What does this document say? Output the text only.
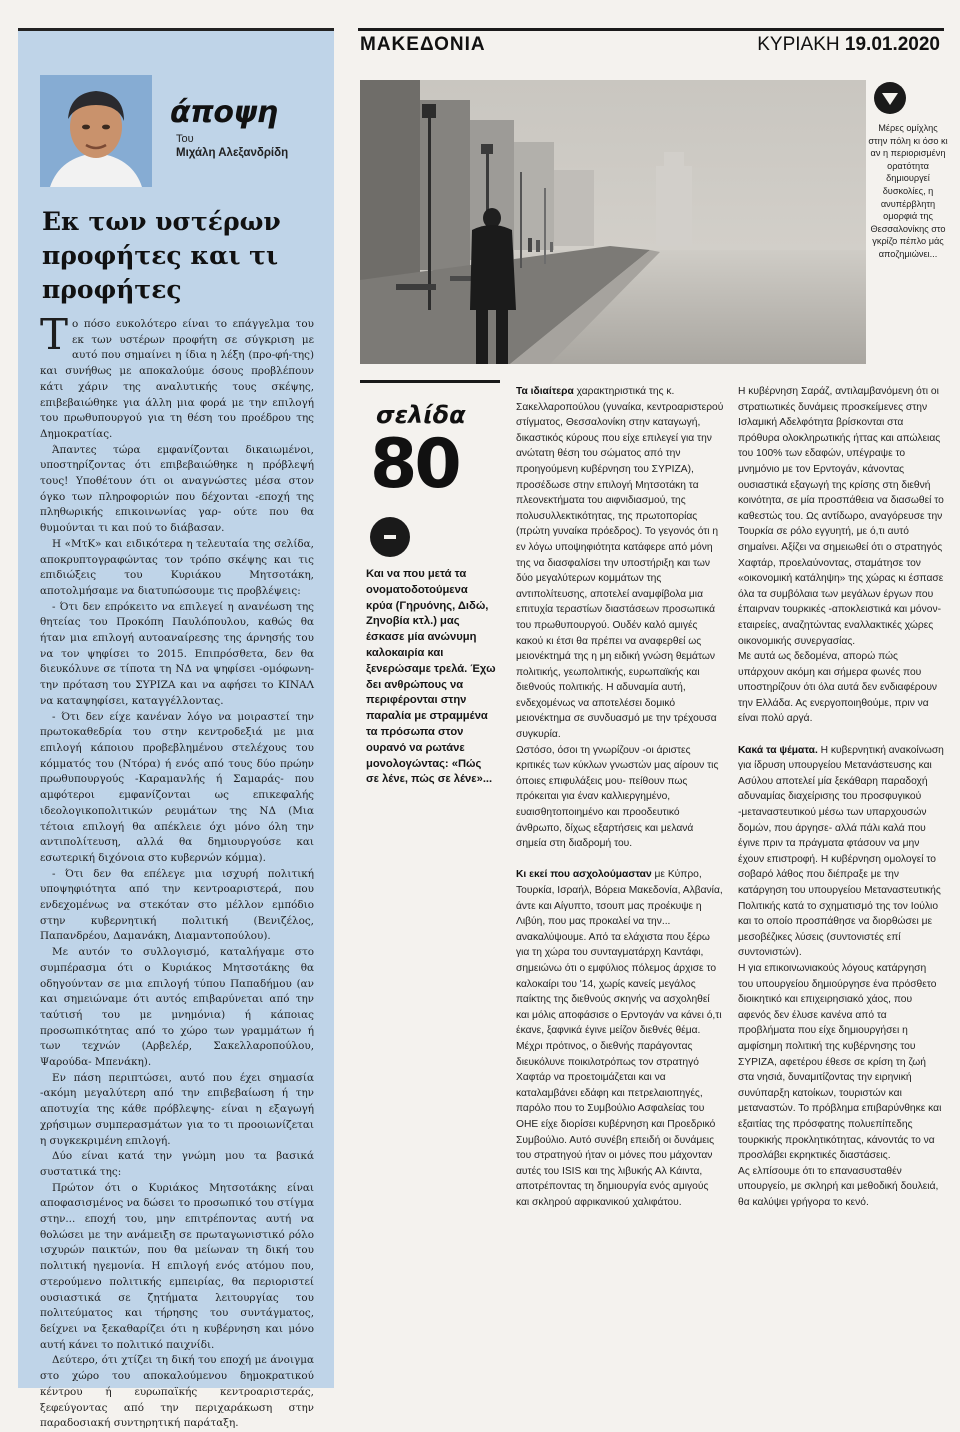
άποψη
Του
Μιχάλη Αλεξανδρίδη
Εκ των υστέρων προφήτες και τι προφήτες

Το πόσο ευκολότερο είναι το επάγγελμα του εκ των υστέρων προφήτη σε σύγκριση με αυτό που σημαίνει η ίδια η λέξη (προ-φή-της) και συνήθως με αποκαλούμε όσους προβλέπουν κάτι χάριν της αναλυτικής τους σκέψης, επιβεβαιώθηκε για άλλη μια φορά με την επιλογή του πρωθυπουργού για τη θέση του προέδρου της Δημοκρατίας.

Άπαντες τώρα εμφανίζονται δικαιωμένοι, υποστηρίζοντας ότι επιβεβαιώθηκε η πρόβλεψή τους! Υποθέτουν ότι οι αναγνώστες μέσα στον όγκο των πληροφοριών που δέχονται -εποχή της πληθωρικής επικοινωνίας γαρ- ούτε που θα θυμούνται τι και πού το διάβασαν.

Η «ΜτΚ» και ειδικότερα η τελευταία της σελίδα, αποκρυπτογραφώντας τον τρόπο σκέψης και τις επιδιώξεις του Κυριάκου Μητσοτάκη, αποτολμήσαμε να διατυπώσουμε τις προβλέψεις:

- Ότι δεν επρόκειτο να επιλεγεί η ανανέωση της θητείας του Προκόπη Παυλόπουλου, καθώς θα ήταν μια επιλογή αυτοαναίρεσης της άρνησής του να τον ψηφίσει το 2015. Επιπρόσθετα, δεν θα διευκόλυνε σε τίποτα τη ΝΔ να ψηφίσει -ομόφωνη- την πρόταση του ΣΥΡΙΖΑ και να αφήσει το ΚΙΝΑΛ να καταψηφίσει, καταγγέλλοντας.

- Ότι δεν είχε κανέναν λόγο να μοιραστεί την πρωτοκαθεδρία του στην κεντροδεξιά με μια επιλογή κάποιου προβεβλημένου στελέχους του κόμματός του (Ντόρα) ή ενός από τους δύο πρώην πρωθυπουργούς -Καραμανλής ή Σαμαράς- που αμφότεροι εμφανίζονται ως επικεφαλής ιδεολογικοπολιτικών ρευμάτων της ΝΔ (Μια τέτοια επιλογή θα απέκλειε όχι μόνο όλη την αντιπολίτευση, αλλά θα δημιουργούσε και εσωτερική διχόνοια στο κυβερνών κόμμα).

- Ότι δεν θα επέλεγε μια ισχυρή πολιτική υποψηφιότητα από την κεντροαριστερά, που ενδεχομένως να στεκόταν στο μέλλον εμπόδιο στην κυβερνητική πολιτική (Βενιζέλος, Παπανδρέου, Δαμανάκη, Διαμαντοπούλου).

Με αυτόν το συλλογισμό, καταλήγαμε στο συμπέρασμα ότι ο Κυριάκος Μητσοτάκης θα οδηγούνταν σε μια επιλογή τύπου Παπαδήμου (αν και σημειώναμε ότι αυτός επιβαρύνεται από την ταύτισή του με μνημόνια) ή κάποιας προσωπικότητας από το χώρο των γραμμάτων ή των τεχνών (Αρβελέρ, Σακελλαροπούλου, Ψαρούδα- Μπενάκη).

Εν πάση περιπτώσει, αυτό που έχει σημασία -ακόμη μεγαλύτερη από την επιβεβαίωση ή την αποτυχία της κάθε πρόβλεψης- είναι η εξαγωγή χρήσιμων συμπερασμάτων για το τι προοιωνίζεται η συγκεκριμένη επιλογή.

Δύο είναι κατά την γνώμη μου τα βασικά συστατικά της:

Πρώτον ότι ο Κυριάκος Μητσοτάκης είναι αποφασισμένος να δώσει το προσωπικό του στίγμα στην... εποχή του, μην επιτρέποντας αυτή να θολώσει με την ανάμειξη σε πρωταγωνιστικό ρόλο ισχυρών παικτών, που θα μείωναν τη δική του πολιτική ηγεμονία. Η επιλογή ενός ατόμου που, στερούμενο πολιτικής εμπειρίας, θα περιοριστεί ουσιαστικά σε ζητήματα λειτουργίας του πολιτεύματος και τήρησης του συντάγματος, δείχνει να ξεκαθαρίζει ότι η κυβέρνηση και μόνο αυτή κάνει το πολιτικό παιχνίδι.

Δεύτερο, ότι χτίζει τη δική του εποχή με άνοιγμα στο χώρο του αποκαλούμενου δημοκρατικού κέντρου ή ευρωπαϊκής κεντροαριστεράς, ξεφεύγοντας από την περιχαράκωση στην παραδοσιακή συντηρητική παράταξη.

ΜΑΚΕΔΟΝΙΑ	ΚΥΡΙΑΚΗ 19.01.2020

Μέρες ομίχλης στην πόλη κι όσο κι αν η περιορισμένη ορατότητα δημιουργεί δυσκολίες, η ανυπέρβλητη ομορφιά της Θεσσαλονίκης στο γκρίζο πέπλο μάς αποζημιώνει...

σελίδα
80

Και να που μετά τα ονοματοδοτούμενα κρύα (Γηρυόνης, Διδώ, Ζηνοβία κτλ.) μας έσκασε μία ανώνυμη καλοκαιρία και ξενερώσαμε τρελά. Έχω δει ανθρώπους να περιφέρονται στην παραλία με στραμμένα τα πρόσωπα στον ουρανό να ρωτάνε μονολογώντας: «Πώς σε λένε, πώς σε λένε»...

Τα ιδιαίτερα χαρακτηριστικά της κ. Σακελλαροπούλου (γυναίκα, κεντροαριστερού στίγματος, Θεσσαλονίκη στην καταγωγή, δικαστικός κύρους που είχε επιλεγεί για την ανώτατη θέση του σώματος από την προηγούμενη κυβέρνηση του ΣΥΡΙΖΑ), προσέδωσε στην επιλογή Μητσοτάκη τα πλεονεκτήματα του αιφνιδιασμού, της πολυσυλλεκτικότητας, της πρωτοπορίας (πρώτη γυναίκα πρόεδρος). Το γεγονός ότι η εν λόγω υποψηφιότητα κατάφερε από μόνη της να διασφαλίσει την υποστήριξη και των δύο μεγαλύτερων κομμάτων της αντιπολίτευσης, αποτελεί αναμφίβολα μια επιτυχία τεραστίων διαστάσεων προσωπικά του πρωθυπουργού. Ουδέν καλό αμιγές κακού κι έτσι θα πρέπει να αναφερθεί ως μειονέκτημά της η μη ειδική γνώση θεμάτων πολιτικής, γεωπολιτικής, ευρωπαϊκής και διεθνούς πολιτικής. Η αδυναμία αυτή, ενδεχομένως να αποτελέσει δομικό μειονέκτημα σε συνδυασμό με την τρέχουσα συγκυρία.

Ωστόσο, όσοι τη γνωρίζουν -οι άριστες κριτικές των κύκλων γνωστών μας αίρουν τις όποιες επιφυλάξεις μου- πείθουν πως πρόκειται για έναν καλλιεργημένο, ευαισθητοποιημένο και προοδευτικό άνθρωπο, δίχως εξαρτήσεις και μελανά σημεία στη διαδρομή του.

Κι εκεί που ασχολούμασταν με Κύπρο, Τουρκία, Ισραήλ, Βόρεια Μακεδονία, Αλβανία, άντε και Αίγυπτο, τσουπ μας προέκυψε η Λιβύη, που μας προκαλεί να την... ανακαλύψουμε. Από τα ελάχιστα που ξέρω για τη χώρα του συνταγματάρχη Καντάφι, σημειώνω ότι ο εμφύλιος πόλεμος άρχισε το καλοκαίρι του '14, χωρίς κανείς μεγάλος παίκτης της διεθνούς σκηνής να ασχοληθεί και μόλις αποφάσισε ο Ερντογάν να κάνει ό,τι έκανε, ξαφνικά έγινε μείζον διεθνές θέμα. Μέχρι πρότινος, ο διεθνής παράγοντας διευκόλυνε ποικιλοτρόπως τον στρατηγό Χαφτάρ να προετοιμάζεται και να καταλαμβάνει εδάφη και πετρελαιοπηγές, παρόλο που το Συμβούλιο Ασφαλείας του ΟΗΕ είχε διορίσει κυβέρνηση και Προεδρικό Συμβούλιο. Αυτό συνέβη επειδή οι δυνάμεις του στρατηγού ήταν οι μόνες που μάχονταν αυτές του ISIS και της λιβυκής Αλ Κάιντα, αποτρέποντας τη δημιουργία ενός αμιγούς και σκληρού αφρικανικού χαλιφάτου.

Η κυβέρνηση Σαράζ, αντιλαμβανόμενη ότι οι στρατιωτικές δυνάμεις προσκείμενες στην Ισλαμική Αδελφότητα βρίσκονται στα πρόθυρα ολοκληρωτικής ήττας και απώλειας του 100% των εδαφών, υπέγραψε το μνημόνιο με τον Ερντογάν, κάνοντας ουσιαστικά εξαγωγή της κρίσης στη διεθνή κοινότητα, σε μία προσπάθεια να διασωθεί το καθεστώς του. Ως αντίδωρο, αναγόρευσε την Τουρκία σε ρόλο εγγυητή, με ό,τι αυτό σημαίνει. Αξίζει να σημειωθεί ότι ο στρατηγός Χαφτάρ, προελαύνοντας, σταμάτησε τον «οικονομική κατάληψη» της χώρας κι έσπασε όλα τα συμβόλαια των μεγάλων έργων που έπαιρναν τουρκικές -αποκλειστικά και μόνον- εταιρείες, αναζητώντας εναλλακτικές χώρες οικονομικής συνεργασίας.

Με αυτά ως δεδομένα, απορώ πώς υπάρχουν ακόμη και σήμερα φωνές που υποστηρίζουν ότι όλα αυτά δεν ενδιαφέρουν την Ελλάδα. Ας ενεργοποιηθούμε, πριν να είναι πολύ αργά.

Κακά τα ψέματα. Η κυβερνητική ανακοίνωση για ίδρυση υπουργείου Μετανάστευσης και Ασύλου αποτελεί μία ξεκάθαρη παραδοχή αδυναμίας διαχείρισης του προσφυγικού -μεταναστευτικού μέσω των υπαρχουσών δομών, που άργησε- αλλά πάλι καλά που έγινε πριν τα πράγματα φτάσουν να μην έχουν επιστροφή. Η κυβέρνηση ομολογεί το σοβαρό λάθος που διέπραξε με την κατάργηση του υπουργείου Μεταναστευτικής Πολιτικής κατά το σχηματισμό της τον Ιούλιο και το οποίο προσπάθησε να διορθώσει με μεσοβέζικες λύσεις (συντονιστές επί συντονιστών).

Η για επικοινωνιακούς λόγους κατάργηση του υπουργείου δημιούργησε ένα πρόσθετο διοικητικό και επιχειρησιακό χάος, που αφενός δεν έλυσε κανένα από τα προβλήματα που είχε δημιουργήσει η αμφίσημη πολιτική της κυβέρνησης του ΣΥΡΙΖΑ, αφετέρου έθεσε σε κρίση τη ζωή στα νησιά, δυναμιτίζοντας την ειρηνική συνύπαρξη κατοίκων, τουριστών και μεταναστών. Το πρόβλημα επιβαρύνθηκε και εξαιτίας της πρόσφατης πολυεπίπεδης τουρκικής προκλητικότητας, κάνοντάς το να προσλάβει εκρηκτικές διαστάσεις.

Ας ελπίσουμε ότι το επανασυσταθέν υπουργείο, με σκληρή και μεθοδική δουλειά, θα καλύψει γρήγορα το κενό.
